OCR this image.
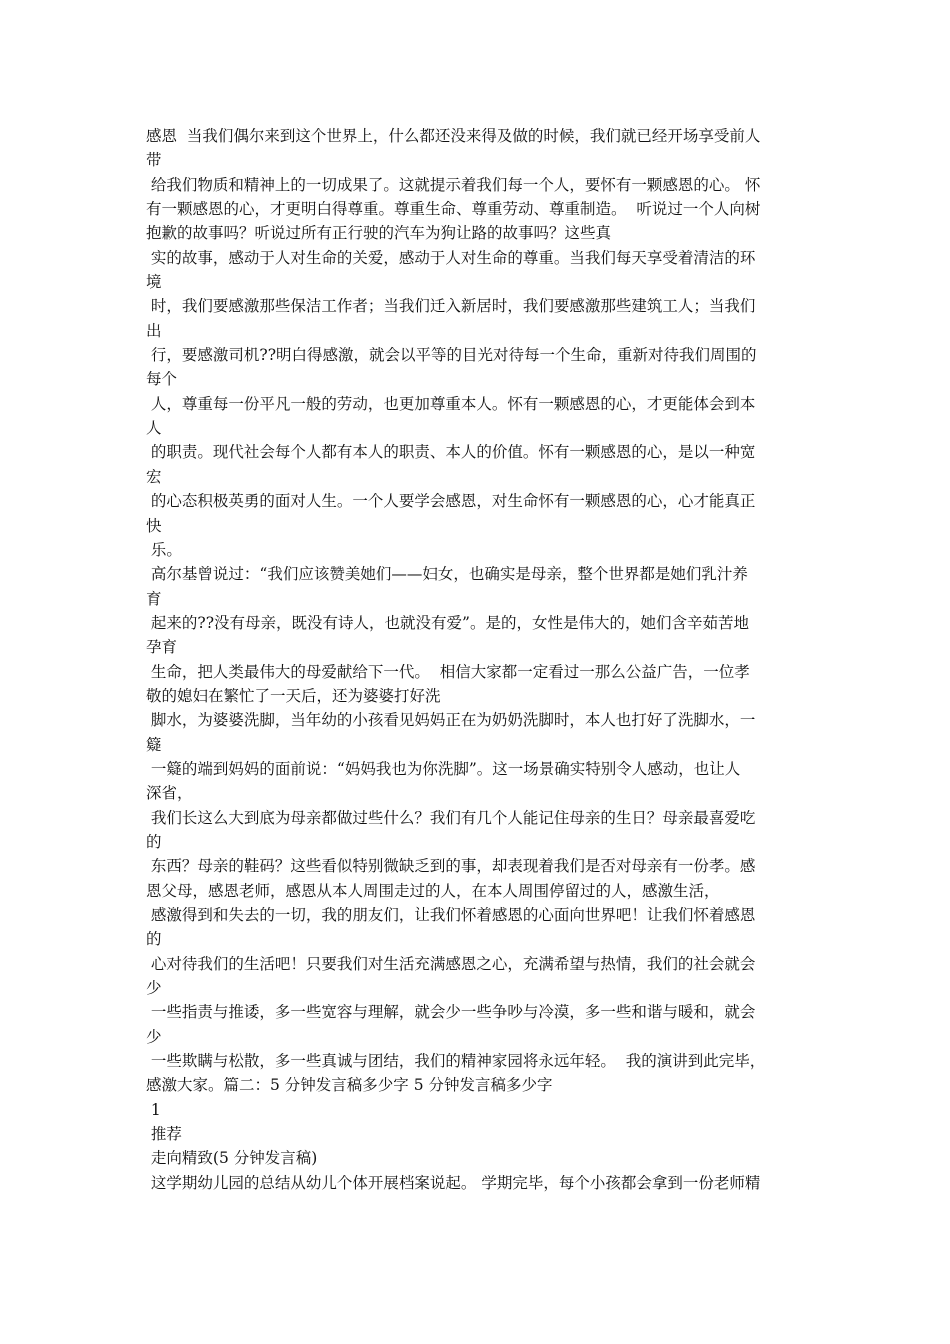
感恩  当我们偶尔来到这个世界上，什么都还没来得及做的时候，我们就已经开场享受前人
带
给我们物质和精神上的一切成果了。这就提示着我们每一个人，要怀有一颗感恩的心。 怀
有一颗感恩的心，才更明白得尊重。尊重生命、尊重劳动、尊重制造。  听说过一个人向树
抱歉的故事吗？听说过所有正行驶的汽车为狗让路的故事吗？这些真
实的故事，感动于人对生命的关爱，感动于人对生命的尊重。当我们每天享受着清洁的环
境
时，我们要感激那些保洁工作者；当我们迁入新居时，我们要感激那些建筑工人；当我们
出
行，要感激司机??明白得感激，就会以平等的目光对待每一个生命，重新对待我们周围的
每个
人，尊重每一份平凡一般的劳动，也更加尊重本人。怀有一颗感恩的心，才更能体会到本
人
的职责。现代社会每个人都有本人的职责、本人的价值。怀有一颗感恩的心，是以一种宽
宏
的心态积极英勇的面对人生。一个人要学会感恩，对生命怀有一颗感恩的心，心才能真正
快
乐。
高尔基曾说过：“我们应该赞美她们——妇女，也确实是母亲，整个世界都是她们乳汁养
育
起来的??没有母亲，既没有诗人，也就没有爱”。是的，女性是伟大的，她们含辛茹苦地
孕育
生命，把人类最伟大的母爱献给下一代。  相信大家都一定看过一那么公益广告，一位孝
敬的媳妇在繁忙了一天后，还为婆婆打好洗
脚水，为婆婆洗脚，当年幼的小孩看见妈妈正在为奶奶洗脚时，本人也打好了洗脚水，一
籎
一籎的端到妈妈的面前说：“妈妈我也为你洗脚”。这一场景确实特别令人感动，也让人
深省，
我们长这么大到底为母亲都做过些什么？我们有几个人能记住母亲的生日？母亲最喜爱吃
的
东西？母亲的鞋码？这些看似特别微缺乏到的事，却表现着我们是否对母亲有一份孝。感
恩父母，感恩老师，感恩从本人周围走过的人，在本人周围停留过的人，感激生活，
感激得到和失去的一切，我的朋友们，让我们怀着感恩的心面向世界吧！让我们怀着感恩
的
心对待我们的生活吧！只要我们对生活充满感恩之心，充满希望与热情，我们的社会就会
少
一些指责与推诿，多一些宽容与理解，就会少一些争吵与冷漠，多一些和谐与暖和，就会
少
一些欺瞒与松散，多一些真诚与团结，我们的精神家园将永远年轻。  我的演讲到此完毕，
感激大家。篇二：5 分钟发言稿多少字 5 分钟发言稿多少字
1
推荐
走向精致(5 分钟发言稿)
这学期幼儿园的总结从幼儿个体开展档案说起。 学期完毕，每个小孩都会拿到一份老师精
